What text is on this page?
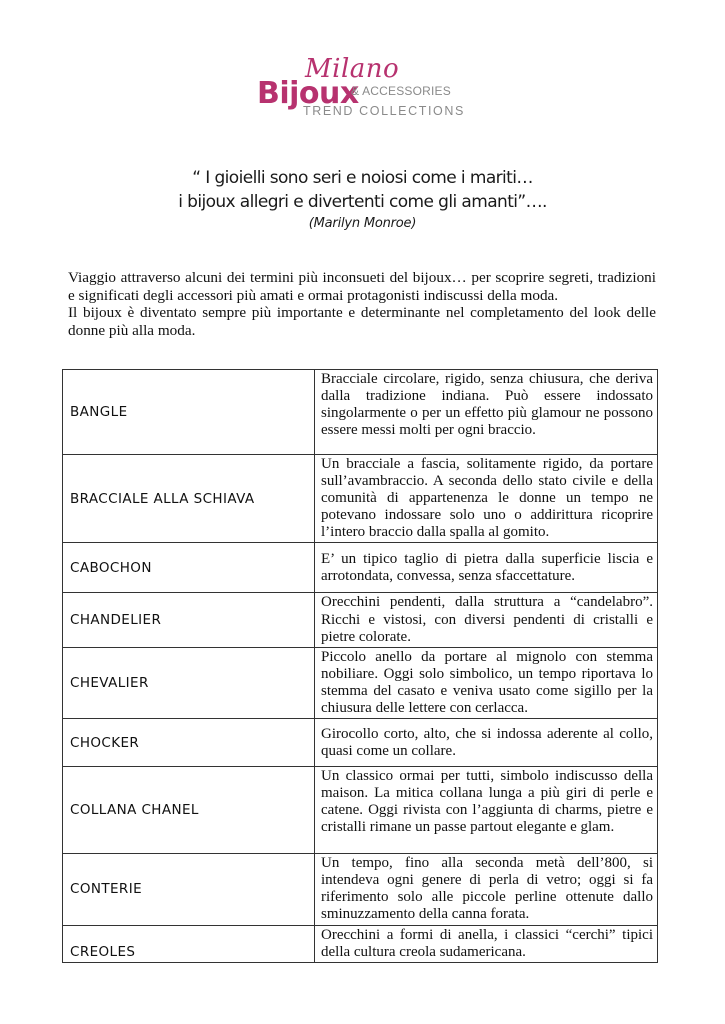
Milano
Bijoux
& ACCESSORIES
TREND COLLECTIONS
“ I gioielli sono seri e noiosi come i mariti…
i bijoux allegri e divertenti come gli amanti”….
(Marilyn Monroe)

Viaggio attraverso alcuni dei termini più inconsueti del bijoux… per scoprire segreti, tradizioni e significati degli accessori più amati e ormai protagonisti indiscussi della moda.

Il bijoux è diventato sempre più importante e determinante nel completamento del look delle donne più alla moda.

BANGLE	Bracciale circolare, rigido, senza chiusura, che deriva dalla tradizione indiana. Può essere indossato singolarmente o per un effetto più glamour ne possono essere messi molti per ogni braccio.
BRACCIALE ALLA SCHIAVA	Un bracciale a fascia, solitamente rigido, da portare sull’avambraccio. A seconda dello stato civile e della comunità di appartenenza le donne un tempo ne potevano indossare solo uno o addirittura ricoprire l’intero braccio dalla spalla al gomito.
CABOCHON	E’ un tipico taglio di pietra dalla superficie liscia e arrotondata, convessa, senza sfaccettature.
CHANDELIER	Orecchini pendenti, dalla struttura a “candelabro”. Ricchi e vistosi, con diversi pendenti di cristalli e pietre colorate.
CHEVALIER	Piccolo anello da portare al mignolo con stemma nobiliare. Oggi solo simbolico, un tempo riportava lo stemma del casato e veniva usato come sigillo per la chiusura delle lettere con cerlacca.
CHOCKER	Girocollo corto, alto, che si indossa aderente al collo, quasi come un collare.
COLLANA CHANEL	Un classico ormai per tutti, simbolo indiscusso della maison. La mitica collana lunga a più giri di perle e catene. Oggi rivista con l’aggiunta di charms, pietre e cristalli rimane un passe partout elegante e glam.
CONTERIE	Un tempo, fino alla seconda metà dell’800, si intendeva ogni genere di perla di vetro; oggi si fa riferimento solo alle piccole perline ottenute dallo sminuzzamento della canna forata.
CREOLES	Orecchini a formi di anella, i classici “cerchi” tipici della cultura creola sudamericana.
